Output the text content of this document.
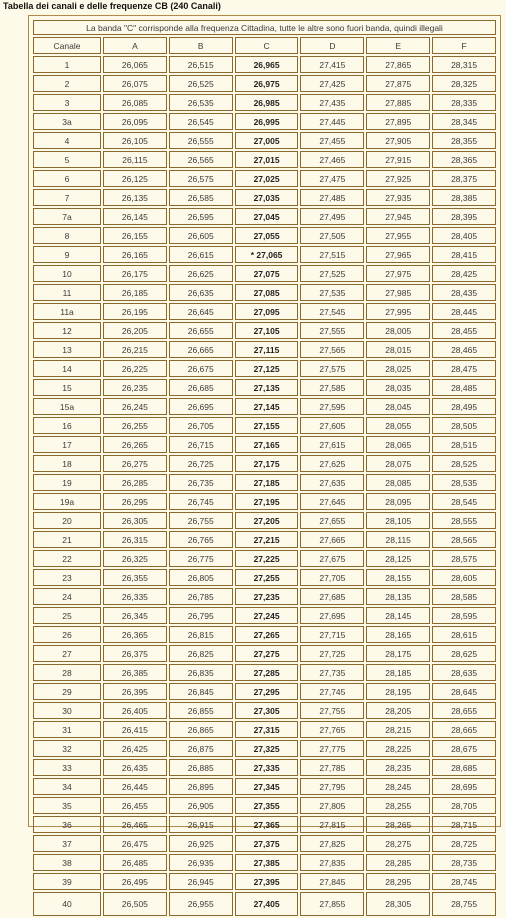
Tabella dei canali e delle frequenze CB (240 Canali)
La banda "C" corrisponde alla frequenza Cittadina, tutte le altre sono fuori banda, quindi illegali						
Canale	A	B	C	D	E	F
1	26,065	26,515	26,965	27,415	27,865	28,315
2	26,075	26,525	26,975	27,425	27,875	28,325
3	26,085	26,535	26,985	27,435	27,885	28,335
3a	26,095	26,545	26,995	27,445	27,895	28,345
4	26,105	26,555	27,005	27,455	27,905	28,355
5	26,115	26,565	27,015	27,465	27,915	28,365
6	26,125	26,575	27,025	27,475	27,925	28,375
7	26,135	26,585	27,035	27,485	27,935	28,385
7a	26,145	26,595	27,045	27,495	27,945	28,395
8	26,155	26,605	27,055	27,505	27,955	28,405
9	26,165	26,615	* 27,065	27,515	27,965	28,415
10	26,175	26,625	27,075	27,525	27,975	28,425
11	26,185	26,635	27,085	27,535	27,985	28,435
11a	26,195	26,645	27,095	27,545	27,995	28,445
12	26,205	26,655	27,105	27,555	28,005	28,455
13	26,215	26,665	27,115	27,565	28,015	28,465
14	26,225	26,675	27,125	27,575	28,025	28,475
15	26,235	26,685	27,135	27,585	28,035	28,485
15a	26,245	26,695	27,145	27,595	28,045	28,495
16	26,255	26,705	27,155	27,605	28,055	28,505
17	26,265	26,715	27,165	27,615	28,065	28,515
18	26,275	26,725	27,175	27,625	28,075	28,525
19	26,285	26,735	27,185	27,635	28,085	28,535
19a	26,295	26,745	27,195	27,645	28,095	28,545
20	26,305	26,755	27,205	27,655	28,105	28,555
21	26,315	26,765	27,215	27,665	28,115	28,565
22	26,325	26,775	27,225	27,675	28,125	28,575
23	26,355	26,805	27,255	27,705	28,155	28,605
24	26,335	26,785	27,235	27,685	28,135	28,585
25	26,345	26,795	27,245	27,695	28,145	28,595
26	26,365	26,815	27,265	27,715	28,165	28,615
27	26,375	26,825	27,275	27,725	28,175	28,625
28	26,385	26,835	27,285	27,735	28,185	28,635
29	26,395	26,845	27,295	27,745	28,195	28,645
30	26,405	26,855	27,305	27,755	28,205	28,655
31	26,415	26,865	27,315	27,765	28,215	28,665
32	26,425	26,875	27,325	27,775	28,225	28,675
33	26,435	26,885	27,335	27,785	28,235	28,685
34	26,445	26,895	27,345	27,795	28,245	28,695
35	26,455	26,905	27,355	27,805	28,255	28,705
36	26,465	26,915	27,365	27,815	28,265	28,715
37	26,475	26,925	27,375	27,825	28,275	28,725
38	26,485	26,935	27,385	27,835	28,285	28,735
39	26,495	26,945	27,395	27,845	28,295	28,745
40	26,505	26,955	27,405	27,855	28,305	28,755
